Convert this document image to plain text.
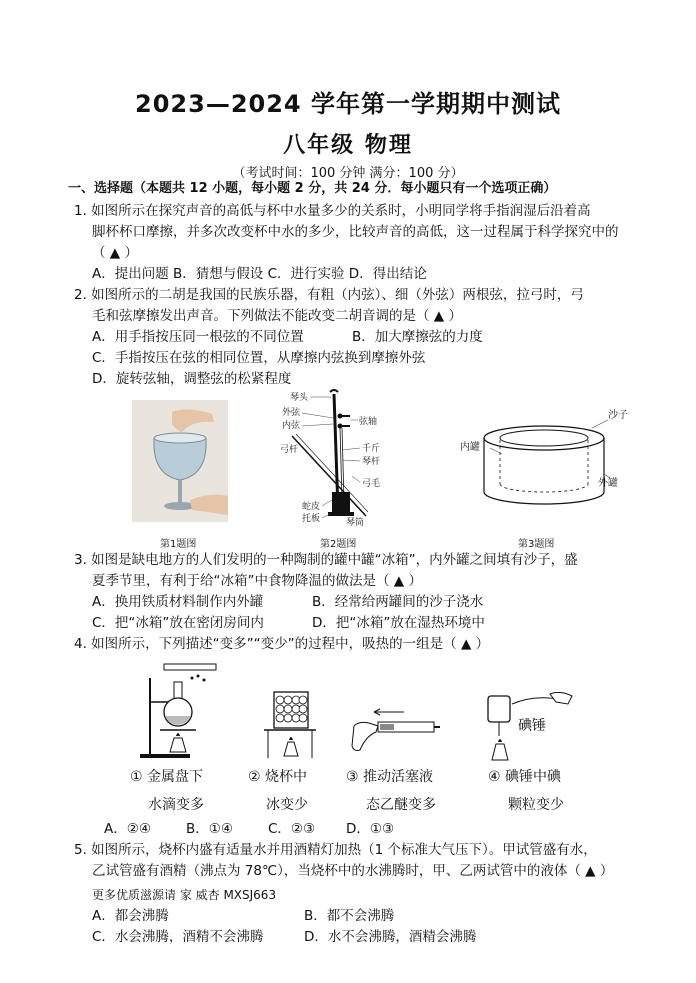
2023—2024 学年第一学期期中测试
八年级 物理
（考试时间：100 分钟 满分：100 分）
一、选择题（本题共 12 小题，每小题 2 分，共 24 分．每小题只有一个选项正确）
1. 如图所示在探究声音的高低与杯中水量多少的关系时，小明同学将手指润湿后沿着高
脚杯杯口摩擦，并多次改变杯中水的多少，比较声音的高低，这一过程属于科学探究中的
（ ▲ ）
A．提出问题 B．猜想与假设 C．进行实验 D．得出结论
2. 如图所示的二胡是我国的民族乐器，有粗（内弦）、细（外弦）两根弦，拉弓时，弓
毛和弦摩擦发出声音。下列做法不能改变二胡音调的是（ ▲ ）
A．用手指按压同一根弦的不同位置	B．加大摩擦弦的力度
C．手指按压在弦的相同位置，从摩擦内弦换到摩擦外弦
D．旋转弦轴，调整弦的松紧程度
第1题图
琴头
外弦
内弦	弦轴
弓杆	千斤
琴杆
弓毛
蛇皮
托板	琴筒
第2题图
沙子
内罐
外罐
第3题图
3. 如图是缺电地方的人们发明的一种陶制的罐中罐“冰箱”，内外罐之间填有沙子，盛
夏季节里，有利于给“冰箱”中食物降温的做法是（ ▲ ）
A．换用铁质材料制作内外罐	B．经常给两罐间的沙子浇水
C．把“冰箱”放在密闭房间内	D．把“冰箱”放在湿热环境中
4. 如图所示，下列描述“变多”“变少”的过程中，吸热的一组是（ ▲ ）
碘锤
① 金属盘下
水滴变多
② 烧杯中
冰变少
③ 推动活塞液
态乙醚变多
④ 碘锤中碘
颗粒变少
A．②④	B．①④	C．②③ D．①③
5. 如图所示，烧杯内盛有适量水并用酒精灯加热（1 个标准大气压下）。甲试管盛有水，
乙试管盛有酒精（沸点为 78℃），当烧杯中的水沸腾时，甲、乙两试管中的液体（ ▲ ）
更多优质滋源请 家 威杏 MXSJ663
A．都会沸腾	B．都不会沸腾
C．水会沸腾，酒精不会沸腾	D．水不会沸腾，酒精会沸腾
